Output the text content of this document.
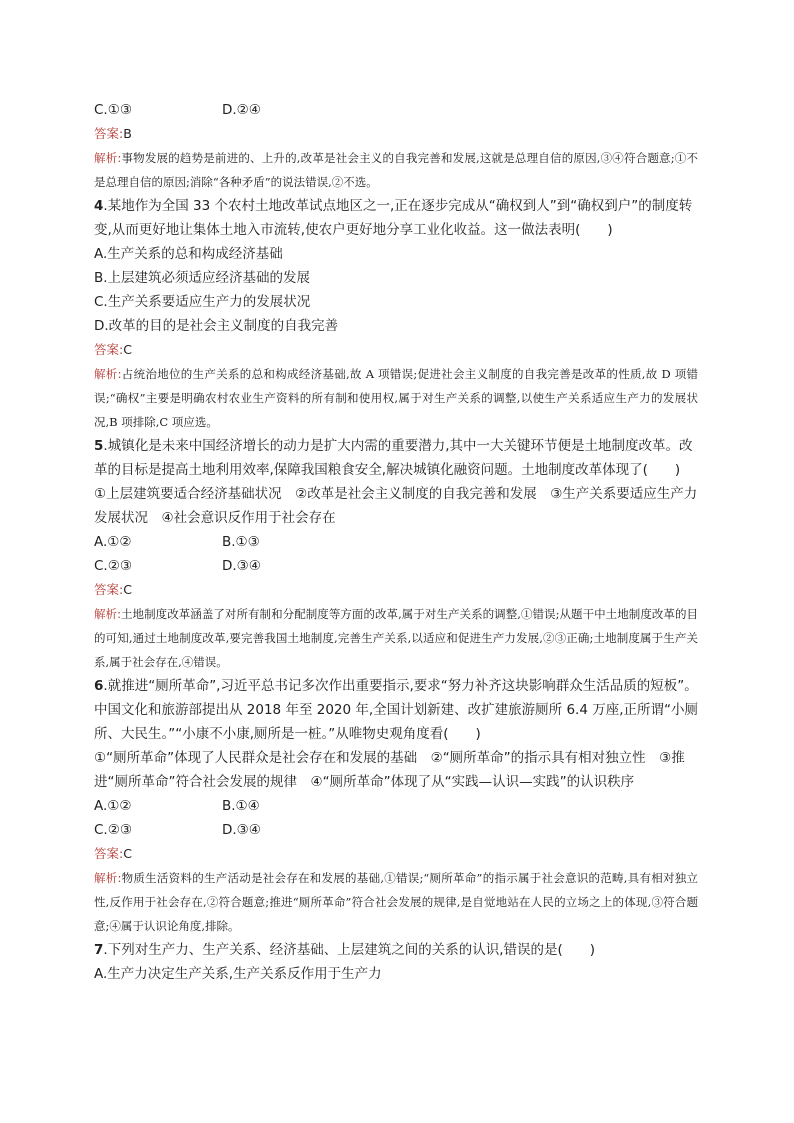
C.①③	D.②④
答案:B
解析:事物发展的趋势是前进的、上升的,改革是社会主义的自我完善和发展,这就是总理自信的原因,③④符合题意;①不是总理自信的原因;消除“各种矛盾”的说法错误,②不选。
4.某地作为全国 33 个农村土地改革试点地区之一,正在逐步完成从“确权到人”到“确权到户”的制度转变,从而更好地让集体土地入市流转,使农户更好地分享工业化收益。这一做法表明(　　)
A.生产关系的总和构成经济基础
B.上层建筑必须适应经济基础的发展
C.生产关系要适应生产力的发展状况
D.改革的目的是社会主义制度的自我完善
答案:C
解析:占统治地位的生产关系的总和构成经济基础,故 A 项错误;促进社会主义制度的自我完善是改革的性质,故 D 项错误;“确权”主要是明确农村农业生产资料的所有制和使用权,属于对生产关系的调整,以使生产关系适应生产力的发展状况,B 项排除,C 项应选。
5.城镇化是未来中国经济增长的动力是扩大内需的重要潜力,其中一大关键环节便是土地制度改革。改革的目标是提高土地利用效率,保障我国粮食安全,解决城镇化融资问题。土地制度改革体现了(　　)
①上层建筑要适合经济基础状况　②改革是社会主义制度的自我完善和发展　③生产关系要适应生产力发展状况　④社会意识反作用于社会存在
A.①②	B.①③
C.②③	D.③④
答案:C
解析:土地制度改革涵盖了对所有制和分配制度等方面的改革,属于对生产关系的调整,①错误;从题干中土地制度改革的目的可知,通过土地制度改革,要完善我国土地制度,完善生产关系,以适应和促进生产力发展,②③正确;土地制度属于生产关系,属于社会存在,④错误。
6.就推进“厕所革命”,习近平总书记多次作出重要指示,要求“努力补齐这块影响群众生活品质的短板”。中国文化和旅游部提出从 2018 年至 2020 年,全国计划新建、改扩建旅游厕所 6.4 万座,正所谓“小厕所、大民生。”“小康不小康,厕所是一桩。”从唯物史观角度看(　　)
①“厕所革命”体现了人民群众是社会存在和发展的基础　②“厕所革命”的指示具有相对独立性　③推进“厕所革命”符合社会发展的规律　④“厕所革命”体现了从“实践—认识—实践”的认识秩序
A.①②	B.①④
C.②③	D.③④
答案:C
解析:物质生活资料的生产活动是社会存在和发展的基础,①错误;“厕所革命”的指示属于社会意识的范畴,具有相对独立性,反作用于社会存在,②符合题意;推进“厕所革命”符合社会发展的规律,是自觉地站在人民的立场之上的体现,③符合题意;④属于认识论角度,排除。
7.下列对生产力、生产关系、经济基础、上层建筑之间的关系的认识,错误的是(　　)
A.生产力决定生产关系,生产关系反作用于生产力
